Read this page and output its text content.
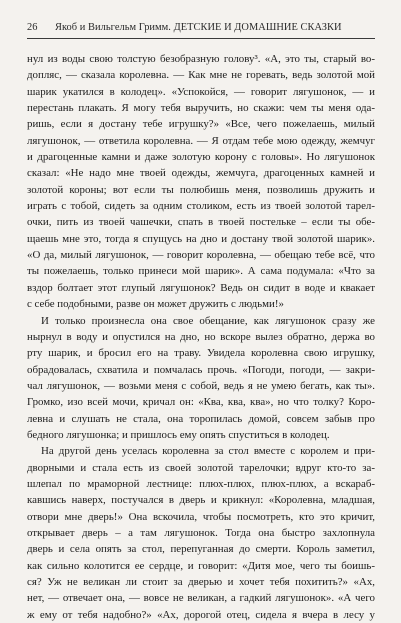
26	Якоб и Вильгельм Гримм. ДЕТСКИЕ И ДОМАШНИЕ СКАЗКИ
нул из воды свою толстую безобразную голову³. «А, это ты, старый во-
допляс, — сказала королевна. — Как мне не горевать, ведь золотой мой
шарик укатился в колодец». «Успокойся, — говорит лягушонок, — и
перестань плакать. Я могу тебя выручить, но скажи: чем ты меня ода-
ришь, если я достану тебе игрушку?» «Все, чего пожелаешь, милый
лягушонок, — ответила королевна. — Я отдам тебе мою одежду, жемчуг
и драгоценные камни и даже золотую корону с головы». Но лягушонок
сказал: «Не надо мне твоей одежды, жемчуга, драгоценных камней и
золотой короны; вот если ты полюбишь меня, позволишь дружить и
играть с тобой, сидеть за одним столиком, есть из твоей золотой тарел-
очки, пить из твоей чашечки, спать в твоей постельке – если ты обе-
щаешь мне это, тогда я спущусь на дно и достану твой золотой шарик».
«О да, милый лягушонок, — говорит королевна, — обещаю тебе всё, что
ты пожелаешь, только принеси мой шарик». А сама подумала: «Что за
вздор болтает этот глупый лягушонок? Ведь он сидит в воде и квакает
с себе подобными, разве он может дружить с людьми!»
И только произнесла она свое обещание, как лягушонок сразу же
нырнул в воду и опустился на дно, но вскоре вылез обратно, держа во
рту шарик, и бросил его на траву. Увидела королевна свою игрушку,
обрадовалась, схватила и помчалась прочь. «Погоди, погоди, — закри-
чал лягушонок, — возьми меня с собой, ведь я не умею бегать, как ты».
Громко, изо всей мочи, кричал он: «Ква, ква, ква», но что толку? Коро-
левна и слушать не стала, она торопилась домой, совсем забыв про
бедного лягушонка; и пришлось ему опять спуститься в колодец.
На другой день уселась королевна за стол вместе с королем и при-
дворными и стала есть из своей золотой тарелочки; вдруг кто-то за-
шлепал по мраморной лестнице: плюх-плюх, плюх-плюх, а вскараб-
кавшись наверх, постучался в дверь и крикнул: «Королевна, младшая,
отвори мне дверь!» Она вскочила, чтобы посмотреть, кто это кричит,
открывает дверь – а там лягушонок. Тогда она быстро захлопнула
дверь и села опять за стол, перепуганная до смерти. Король заметил,
как сильно колотится ее сердце, и говорит: «Дитя мое, чего ты боишь-
ся? Уж не великан ли стоит за дверью и хочет тебя похитить?» «Ах,
нет, — отвечает она, — вовсе не великан, а гадкий лягушонок». «А чего
ж ему от тебя надобно?» «Ах, дорогой отец, сидела я вчера в лесу у
